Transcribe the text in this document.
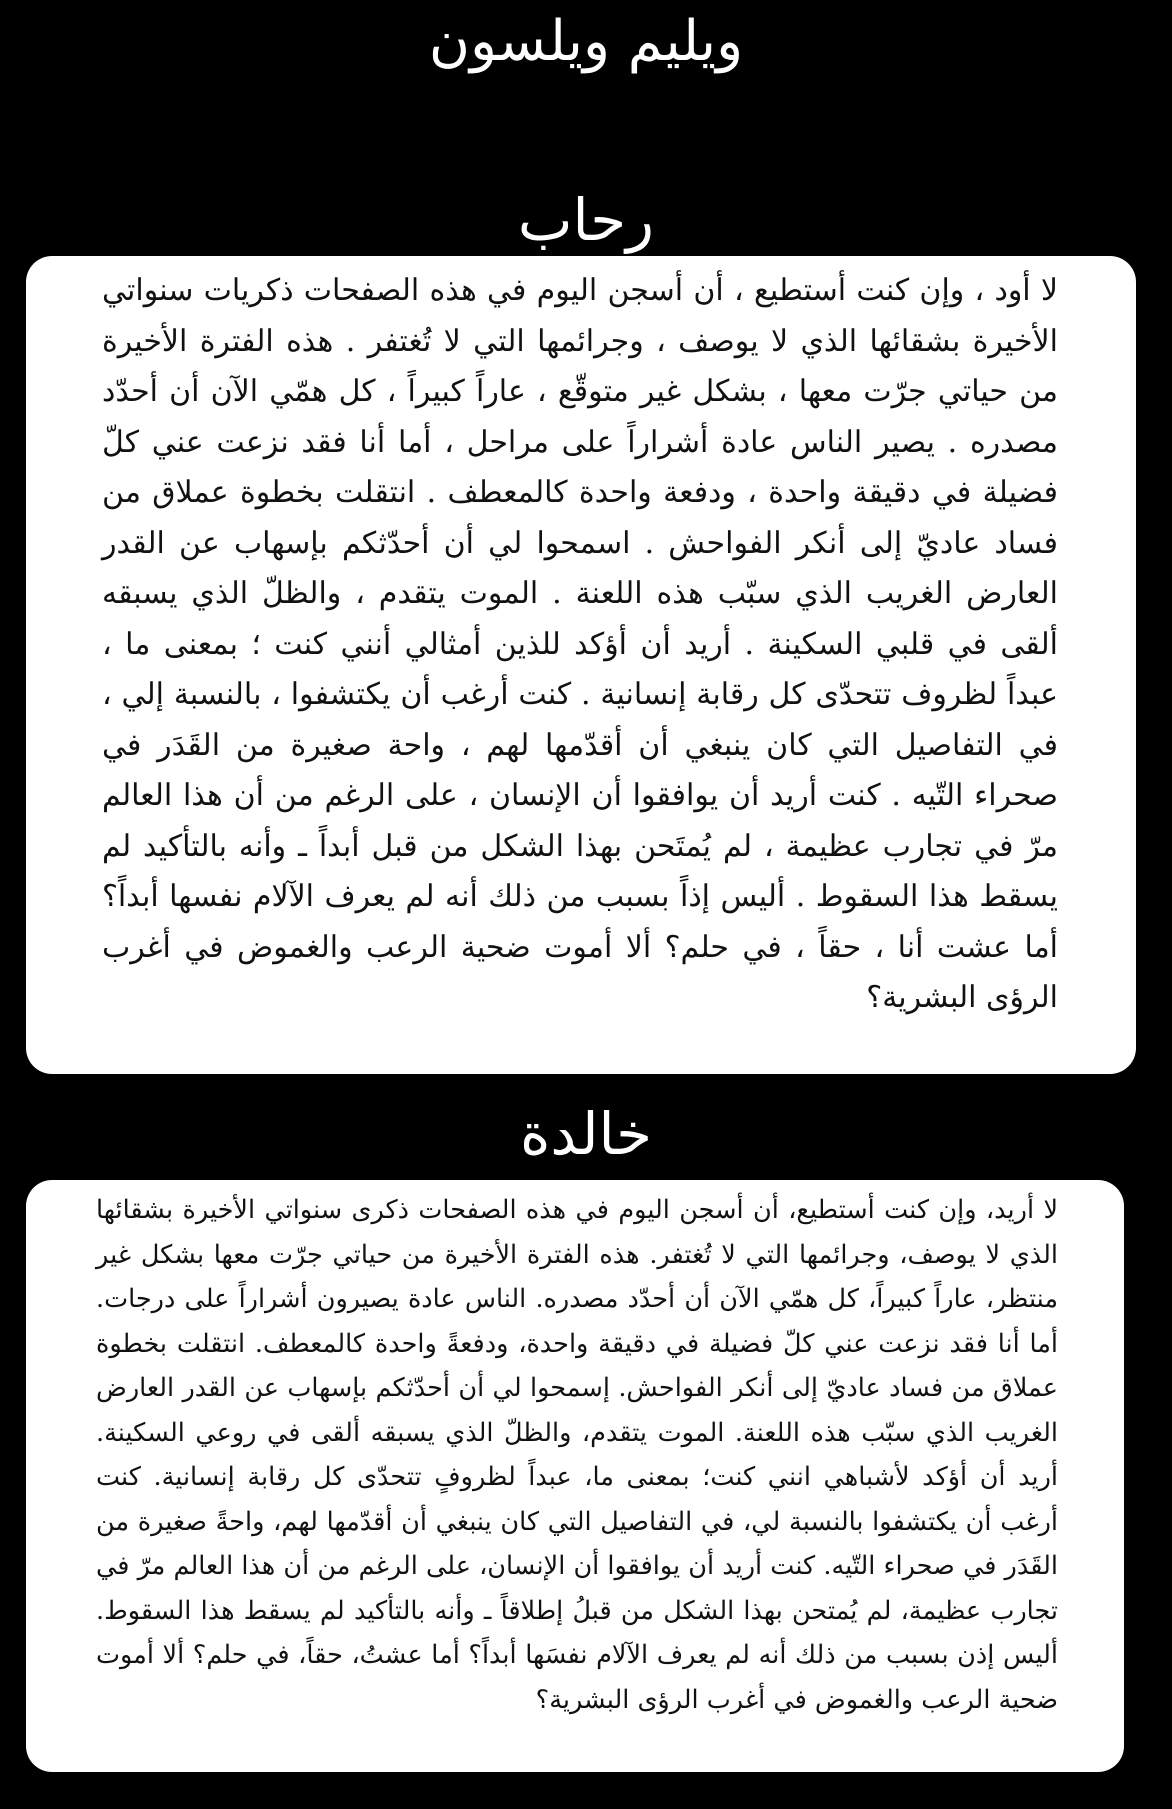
ويليم ويلسون
رحاب

لا أود ، وإن كنت أستطيع ، أن أسجن اليوم في هذه الصفحات ذكريات سنواتي الأخيرة بشقائها الذي لا يوصف ، وجرائمها التي لا تُغتفر . هذه الفترة الأخيرة من حياتي جرّت معها ، بشكل غير متوقّع ، عاراً كبيراً ، كل همّي الآن أن أحدّد مصدره . يصير الناس عادة أشراراً على مراحل ، أما أنا فقد نزعت عني كلّ فضيلة في دقيقة واحدة ، ودفعة واحدة كالمعطف . انتقلت بخطوة عملاق من فساد عاديّ إلى أنكر الفواحش . اسمحوا لي أن أحدّثكم بإسهاب عن القدر العارض الغريب الذي سبّب هذه اللعنة . الموت يتقدم ، والظلّ الذي يسبقه ألقى في قلبي السكينة . أريد أن أؤكد للذين أمثالي أنني كنت ؛ بمعنى ما ، عبداً لظروف تتحدّى كل رقابة إنسانية . كنت أرغب أن يكتشفوا ، بالنسبة إلي ، في التفاصيل التي كان ينبغي أن أقدّمها لهم ، واحة صغيرة من القَدَر في صحراء التّيه . كنت أريد أن يوافقوا أن الإنسان ، على الرغم من أن هذا العالم مرّ في تجارب عظيمة ، لم يُمتَحن بهذا الشكل من قبل أبداً ـ وأنه بالتأكيد لم يسقط هذا السقوط . أليس إذاً بسبب من ذلك أنه لم يعرف الآلام نفسها أبداً؟ أما عشت أنا ، حقاً ، في حلم؟ ألا أموت ضحية الرعب والغموض في أغرب الرؤى البشرية؟

خالدة

لا أريد، وإن كنت أستطيع، أن أسجن اليوم في هذه الصفحات ذكرى سنواتي الأخيرة بشقائها الذي لا يوصف، وجرائمها التي لا تُغتفر. هذه الفترة الأخيرة من حياتي جرّت معها بشكل غير منتظر، عاراً كبيراً، كل همّي الآن أن أحدّد مصدره. الناس عادة يصيرون أشراراً على درجات. أما أنا فقد نزعت عني كلّ فضيلة في دقيقة واحدة، ودفعةً واحدة كالمعطف. انتقلت بخطوة عملاق من فساد عاديّ إلى أنكر الفواحش. إسمحوا لي أن أحدّثكم بإسهاب عن القدر العارض الغريب الذي سبّب هذه اللعنة. الموت يتقدم، والظلّ الذي يسبقه ألقى في روعي السكينة. أريد أن أؤكد لأشباهي انني كنت؛ بمعنى ما، عبداً لظروفٍ تتحدّى كل رقابة إنسانية. كنت أرغب أن يكتشفوا بالنسبة لي، في التفاصيل التي كان ينبغي أن أقدّمها لهم، واحةً صغيرة من القَدَر في صحراء التّيه. كنت أريد أن يوافقوا أن الإنسان، على الرغم من أن هذا العالم مرّ في تجارب عظيمة، لم يُمتحن بهذا الشكل من قبلُ إطلاقاً ـ وأنه بالتأكيد لم يسقط هذا السقوط. أليس إذن بسبب من ذلك أنه لم يعرف الآلام نفسَها أبداً؟ أما عشتُ، حقاً، في حلم؟ ألا أموت ضحية الرعب والغموض في أغرب الرؤى البشرية؟
